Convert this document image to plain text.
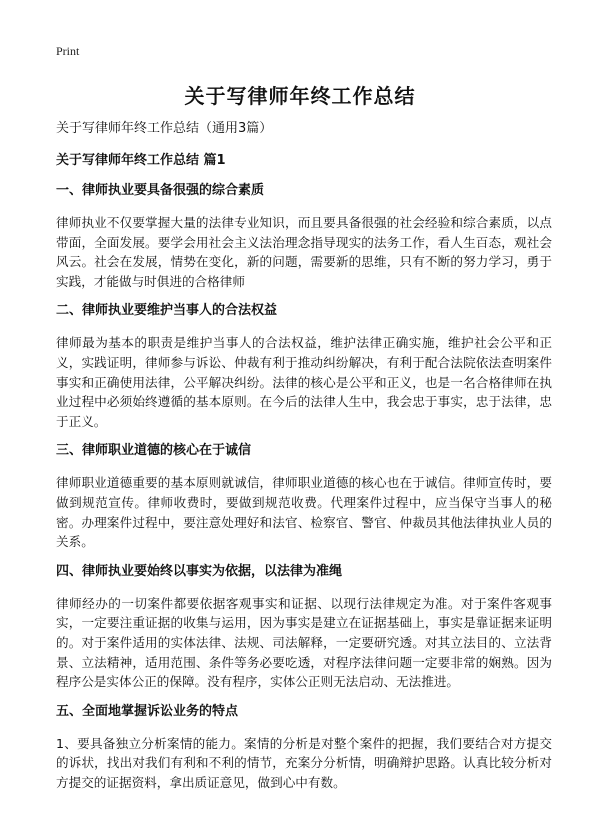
Print
关于写律师年终工作总结

关于写律师年终工作总结（通用3篇）

关于写律师年终工作总结 篇1

一、律师执业要具备很强的综合素质

律师执业不仅要掌握大量的法律专业知识，而且要具备很强的社会经验和综合素质，以点带面，全面发展。要学会用社会主义法治理念指导现实的法务工作，看人生百态，观社会风云。社会在发展，情势在变化，新的问题，需要新的思维，只有不断的努力学习，勇于实践，才能做与时俱进的合格律师

二、律师执业要维护当事人的合法权益

律师最为基本的职责是维护当事人的合法权益，维护法律正确实施，维护社会公平和正义，实践证明，律师参与诉讼、仲裁有利于推动纠纷解决，有利于配合法院依法查明案件事实和正确使用法律，公平解决纠纷。法律的核心是公平和正义，也是一名合格律师在执业过程中必须始终遵循的基本原则。在今后的法律人生中，我会忠于事实，忠于法律，忠于正义。

三、律师职业道德的核心在于诚信

律师职业道德重要的基本原则就诚信，律师职业道德的核心也在于诚信。律师宣传时，要做到规范宣传。律师收费时，要做到规范收费。代理案件过程中，应当保守当事人的秘密。办理案件过程中，要注意处理好和法官、检察官、警官、仲裁员其他法律执业人员的关系。

四、律师执业要始终以事实为依据，以法律为准绳

律师经办的一切案件都要依据客观事实和证据、以现行法律规定为准。对于案件客观事实，一定要注重证据的收集与运用，因为事实是建立在证据基础上，事实是靠证据来证明的。对于案件适用的实体法律、法规、司法解释，一定要研究透。对其立法目的、立法背景、立法精神，适用范围、条件等务必要吃透，对程序法律问题一定要非常的娴熟。因为程序公是实体公正的保障。没有程序，实体公正则无法启动、无法推进。

五、全面地掌握诉讼业务的特点

1、要具备独立分析案情的能力。案情的分析是对整个案件的把握，我们要结合对方提交的诉状，找出对我们有利和不利的情节，充案分分析情，明确辩护思路。认真比较分析对方提交的证据资料，拿出质证意见，做到心中有数。
